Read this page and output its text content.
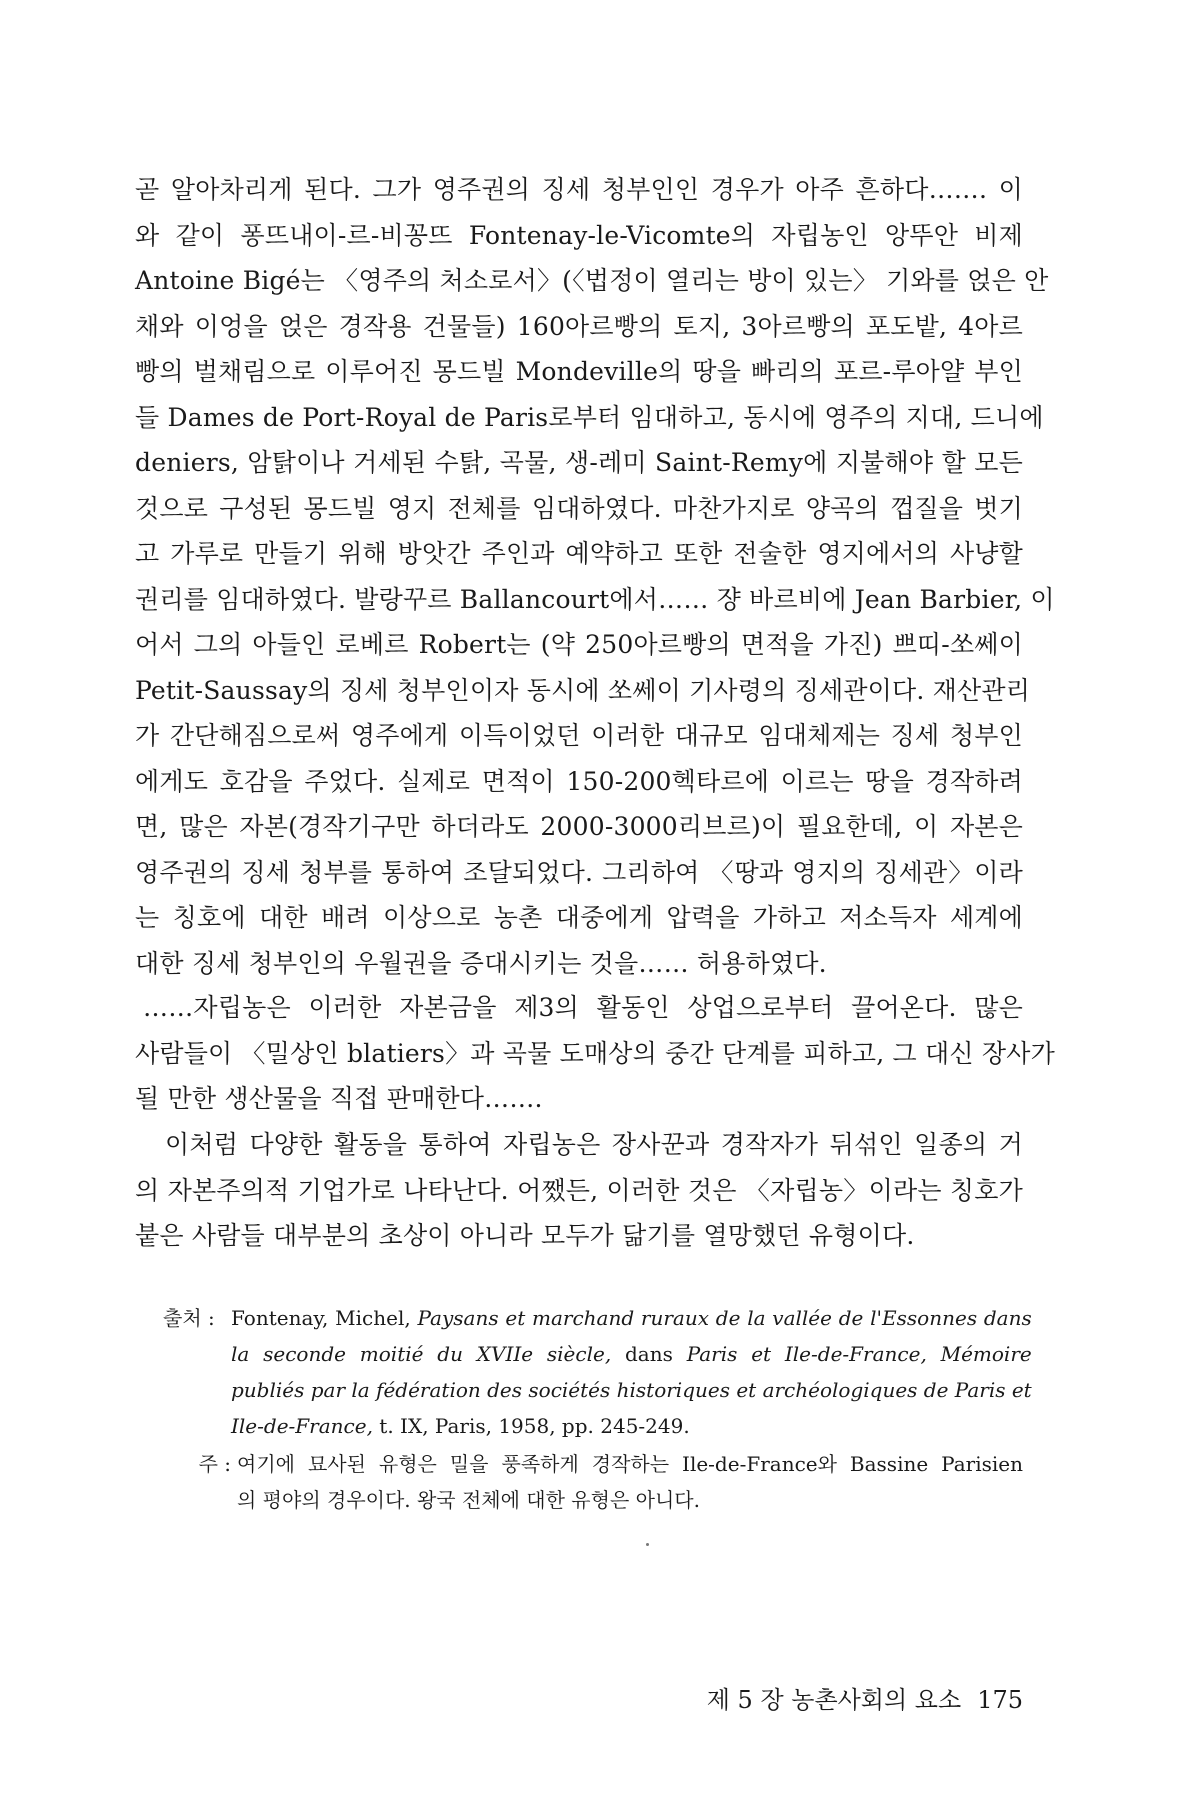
곧 알아차리게 된다. 그가 영주권의 징세 청부인인 경우가 아주 흔하다……. 이
와 같이 퐁뜨내이-르-비꽁뜨 Fontenay-le-Vicomte의 자립농인 앙뚜안 비제
Antoine Bigé는 〈영주의 처소로서〉(〈법정이 열리는 방이 있는〉 기와를 얹은 안
채와 이엉을 얹은 경작용 건물들) 160아르빵의 토지, 3아르빵의 포도밭, 4아르
빵의 벌채림으로 이루어진 몽드빌 Mondeville의 땅을 빠리의 포르-루아얄 부인
들 Dames de Port-Royal de Paris로부터 임대하고, 동시에 영주의 지대, 드니에
deniers, 암탉이나 거세된 수탉, 곡물, 생-레미 Saint-Remy에 지불해야 할 모든
것으로 구성된 몽드빌 영지 전체를 임대하였다. 마찬가지로 양곡의 껍질을 벗기
고 가루로 만들기 위해 방앗간 주인과 예약하고 또한 전술한 영지에서의 사냥할
권리를 임대하였다. 발랑꾸르 Ballancourt에서…… 쟝 바르비에 Jean Barbier, 이
어서 그의 아들인 로베르 Robert는 (약 250아르빵의 면적을 가진) 쁘띠-쏘쎄이
Petit-Saussay의 징세 청부인이자 동시에 쏘쎄이 기사령의 징세관이다. 재산관리
가 간단해짐으로써 영주에게 이득이었던 이러한 대규모 임대체제는 징세 청부인
에게도 호감을 주었다. 실제로 면적이 150-200헥타르에 이르는 땅을 경작하려
면, 많은 자본(경작기구만 하더라도 2000-3000리브르)이 필요한데, 이 자본은
영주권의 징세 청부를 통하여 조달되었다. 그리하여 〈땅과 영지의 징세관〉이라
는 칭호에 대한 배려 이상으로 농촌 대중에게 압력을 가하고 저소득자 세계에
대한 징세 청부인의 우월권을 증대시키는 것을…… 허용하였다.
……자립농은 이러한 자본금을 제3의 활동인 상업으로부터 끌어온다. 많은
사람들이 〈밀상인 blatiers〉과 곡물 도매상의 중간 단계를 피하고, 그 대신 장사가
될 만한 생산물을 직접 판매한다…….
이처럼 다양한 활동을 통하여 자립농은 장사꾼과 경작자가 뒤섞인 일종의 거
의 자본주의적 기업가로 나타난다. 어쨌든, 이러한 것은 〈자립농〉이라는 칭호가
붙은 사람들 대부분의 초상이 아니라 모두가 닮기를 열망했던 유형이다.
출처 : Fontenay, Michel, Paysans et marchand ruraux de la vallée de l'Essonnes dans
la seconde moitié du XVIIe siècle, dans Paris et Ile-de-France, Mémoire
publiés par la fédération des sociétés historiques et archéologiques de Paris et
Ile-de-France, t. IX, Paris, 1958, pp. 245-249.
주 : 여기에 묘사된 유형은 밀을 풍족하게 경작하는 Ile-de-France와 Bassine Parisien
의 평야의 경우이다. 왕국 전체에 대한 유형은 아니다.
제 5 장 농촌사회의 요소 175
